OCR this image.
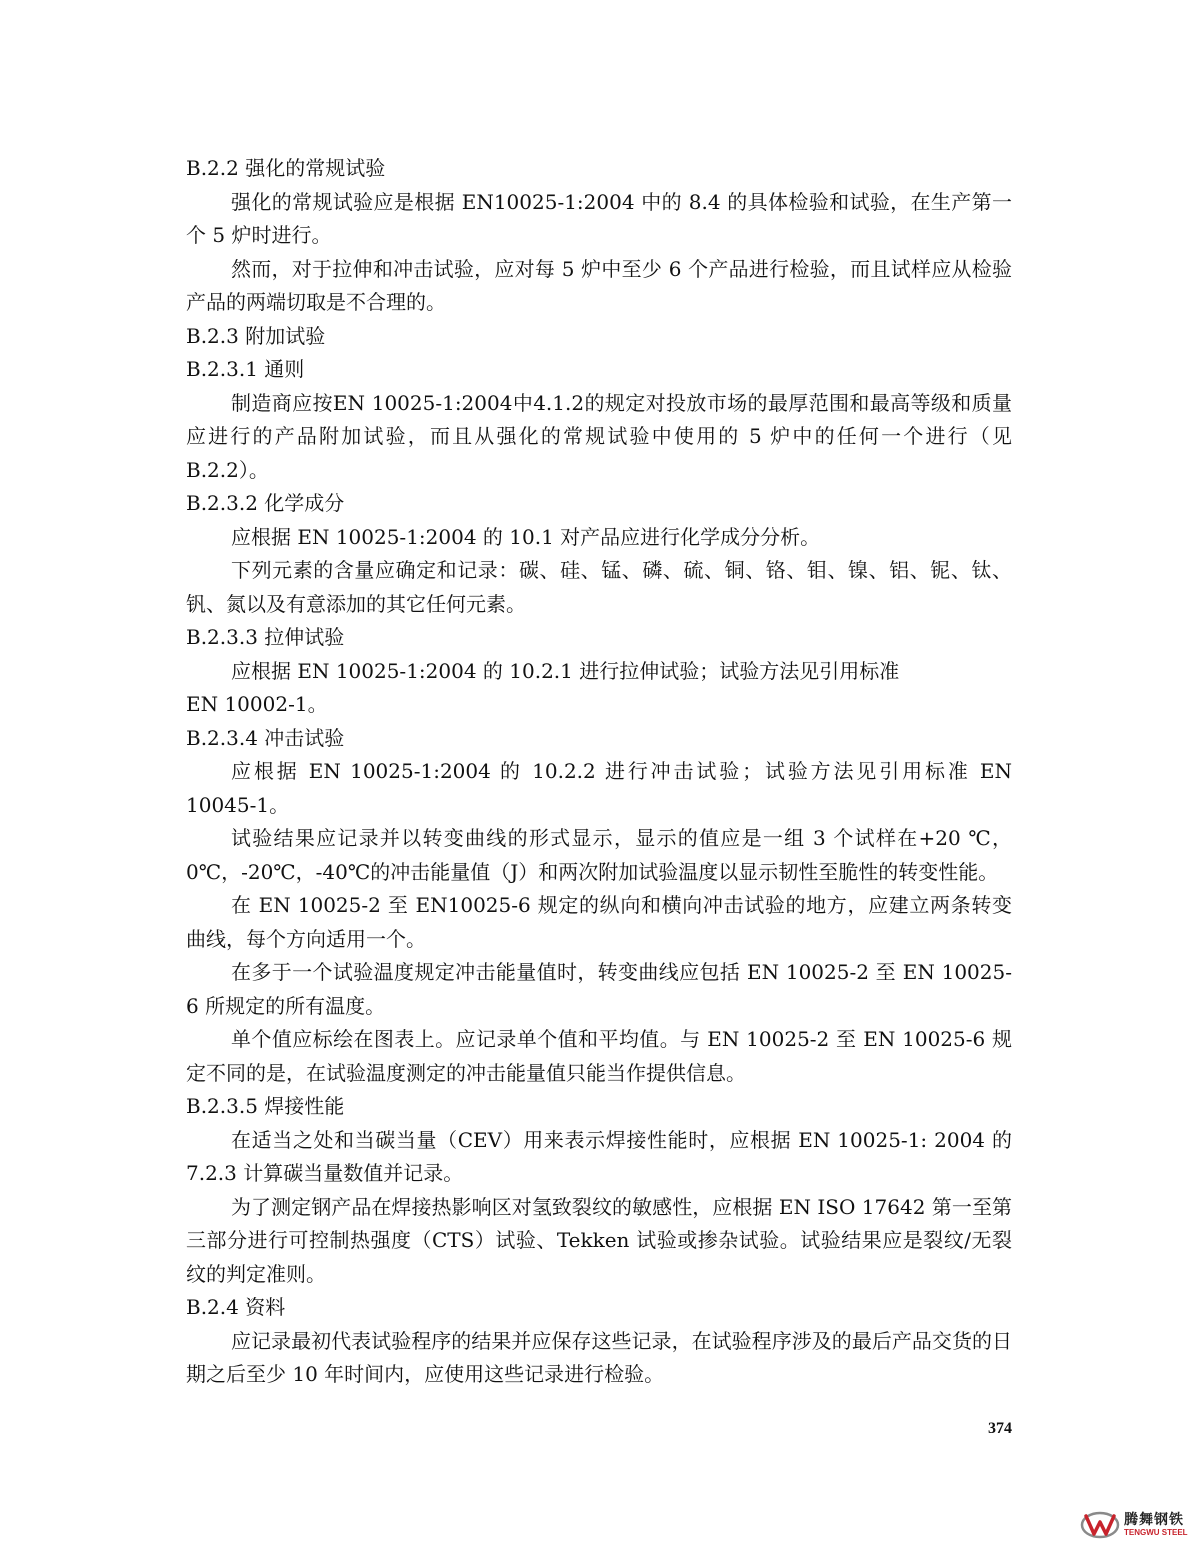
B.2.2 强化的常规试验

强化的常规试验应是根据 EN10025-1:2004 中的 8.4 的具体检验和试验，在生产第一个 5 炉时进行。

然而，对于拉伸和冲击试验，应对每 5 炉中至少 6 个产品进行检验，而且试样应从检验产品的两端切取是不合理的。

B.2.3 附加试验

B.2.3.1 通则

制造商应按EN 10025-1:2004中4.1.2的规定对投放市场的最厚范围和最高等级和质量应进行的产品附加试验，而且从强化的常规试验中使用的 5 炉中的任何一个进行（见 B.2.2）。

B.2.3.2 化学成分

应根据 EN 10025-1:2004 的 10.1 对产品应进行化学成分分析。

下列元素的含量应确定和记录：碳、硅、锰、磷、硫、铜、铬、钼、镍、铝、铌、钛、钒、氮以及有意添加的其它任何元素。

B.2.3.3 拉伸试验

应根据 EN 10025-1:2004 的 10.2.1 进行拉伸试验；试验方法见引用标准

EN 10002-1。

B.2.3.4 冲击试验

应根据 EN 10025-1:2004 的 10.2.2 进行冲击试验；试验方法见引用标准 EN 10045-1。

试验结果应记录并以转变曲线的形式显示，显示的值应是一组 3 个试样在+20 ℃，0℃，-20℃，-40℃的冲击能量值（J）和两次附加试验温度以显示韧性至脆性的转变性能。

在 EN 10025-2 至 EN10025-6 规定的纵向和横向冲击试验的地方，应建立两条转变曲线，每个方向适用一个。

在多于一个试验温度规定冲击能量值时，转变曲线应包括 EN 10025-2 至 EN 10025-6 所规定的所有温度。

单个值应标绘在图表上。应记录单个值和平均值。与 EN 10025-2 至 EN 10025-6 规定不同的是，在试验温度测定的冲击能量值只能当作提供信息。

B.2.3.5 焊接性能

在适当之处和当碳当量（CEV）用来表示焊接性能时，应根据 EN 10025-1: 2004 的 7.2.3 计算碳当量数值并记录。

为了测定钢产品在焊接热影响区对氢致裂纹的敏感性，应根据 EN ISO 17642 第一至第三部分进行可控制热强度（CTS）试验、Tekken 试验或掺杂试验。试验结果应是裂纹/无裂纹的判定准则。

B.2.4 资料

应记录最初代表试验程序的结果并应保存这些记录，在试验程序涉及的最后产品交货的日期之后至少 10 年时间内，应使用这些记录进行检验。

374
腾舞钢铁
TENGWU STEEL
